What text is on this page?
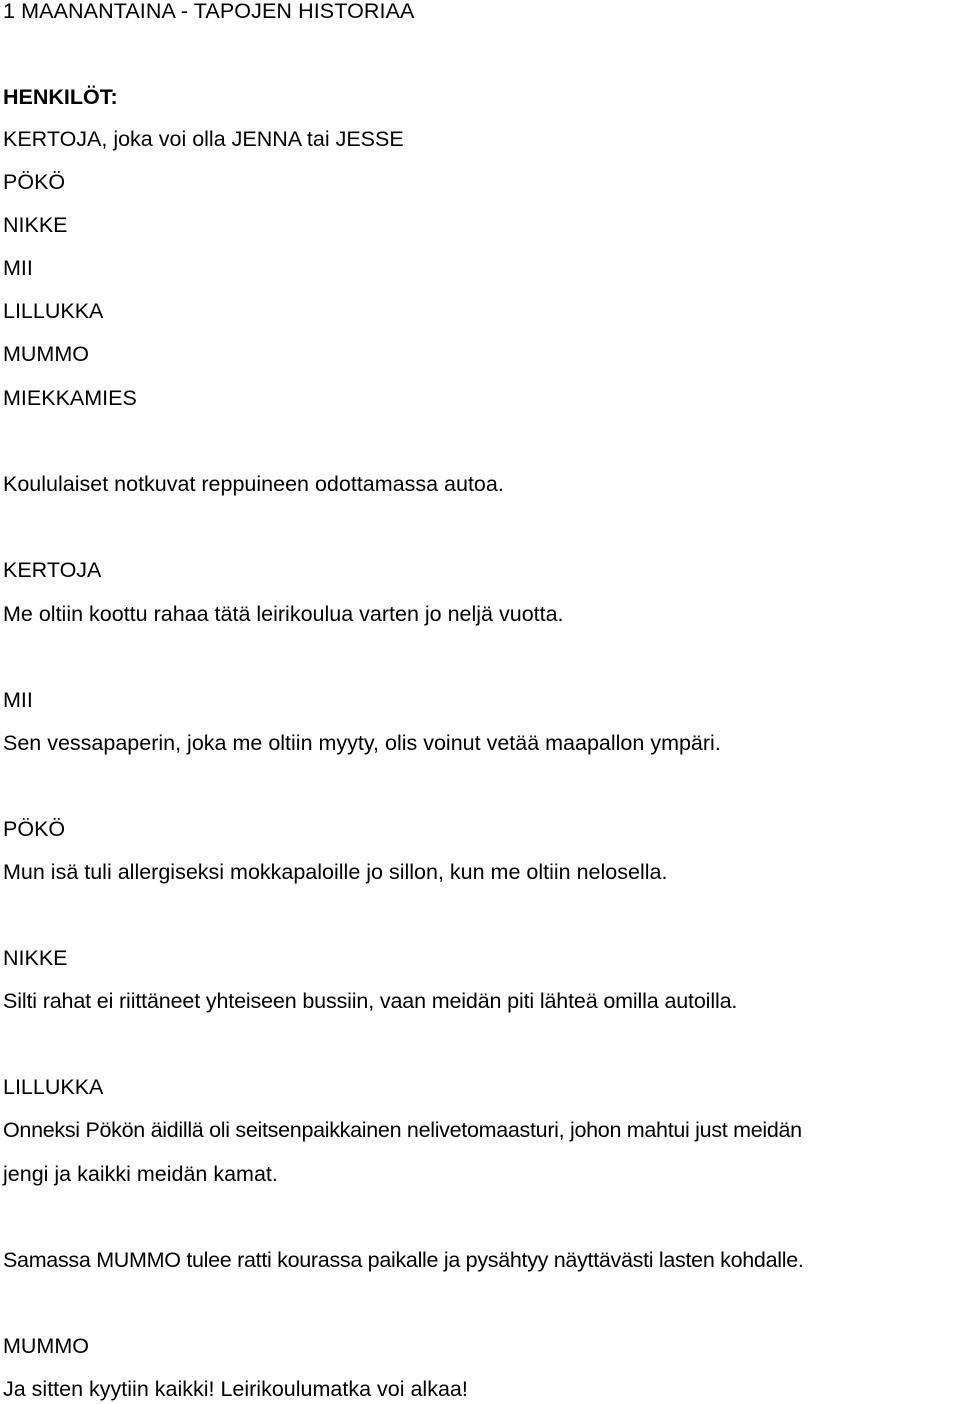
1 MAANANTAINA - TAPOJEN HISTORIAA
HENKILÖT:
KERTOJA, joka voi olla JENNA tai JESSE
PÖKÖ
NIKKE
MII
LILLUKKA
MUMMO
MIEKKAMIES
Koululaiset notkuvat reppuineen odottamassa autoa.
KERTOJA
Me oltiin koottu rahaa tätä leirikoulua varten jo neljä vuotta.
MII
Sen vessapaperin, joka me oltiin myyty, olis voinut vetää maapallon ympäri.
PÖKÖ
Mun isä tuli allergiseksi mokkapaloille jo sillon, kun me oltiin nelosella.
NIKKE
Silti rahat ei riittäneet yhteiseen bussiin, vaan meidän piti lähteä omilla autoilla.
LILLUKKA
Onneksi Pökön äidillä oli seitsenpaikkainen nelivetomaasturi, johon mahtui just meidän
jengi ja kaikki meidän kamat.
Samassa MUMMO tulee ratti kourassa paikalle ja pysähtyy näyttävästi lasten kohdalle.
MUMMO
Ja sitten kyytiin kaikki! Leirikoulumatka voi alkaa!
